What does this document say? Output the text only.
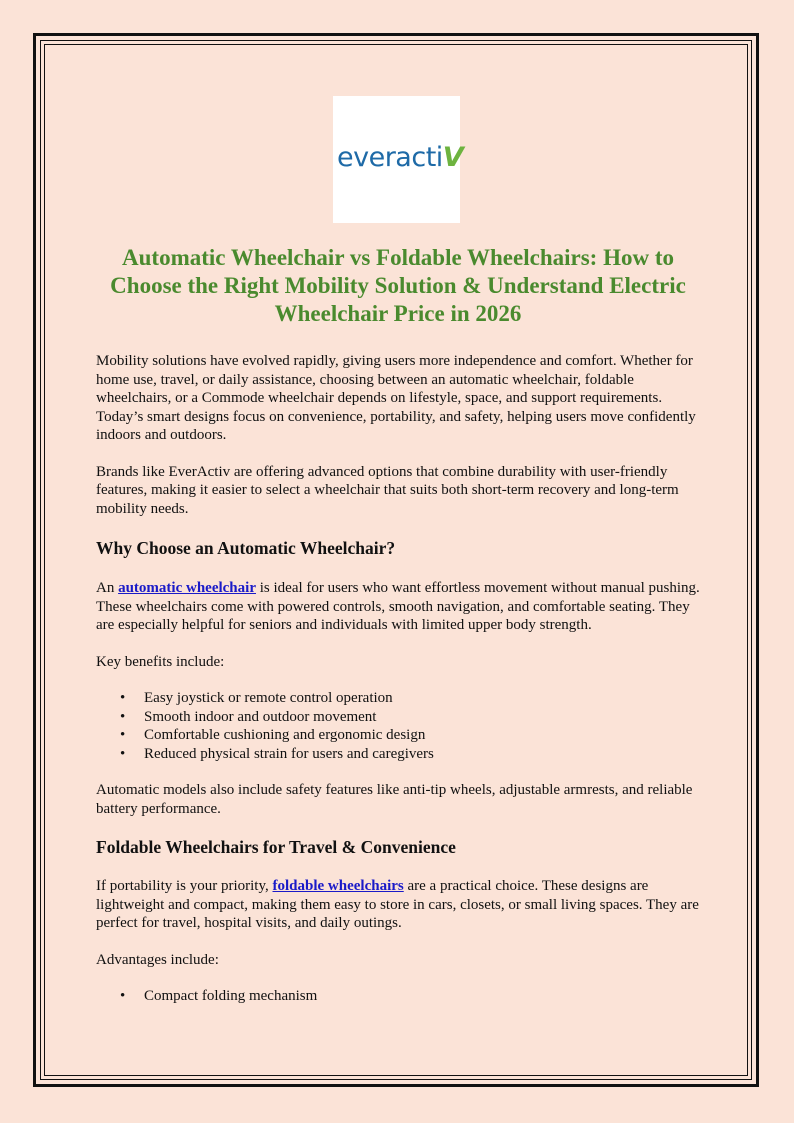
everactiV
Automatic Wheelchair vs Foldable Wheelchairs: How to Choose the Right Mobility Solution & Understand Electric Wheelchair Price in 2026

Mobility solutions have evolved rapidly, giving users more independence and comfort. Whether for home use, travel, or daily assistance, choosing between an automatic wheelchair, foldable wheelchairs, or a Commode wheelchair depends on lifestyle, space, and support requirements. Today’s smart designs focus on convenience, portability, and safety, helping users move confidently indoors and outdoors.

Brands like EverActiv are offering advanced options that combine durability with user-friendly features, making it easier to select a wheelchair that suits both short-term recovery and long-term mobility needs.

Why Choose an Automatic Wheelchair?

An automatic wheelchair is ideal for users who want effortless movement without manual pushing. These wheelchairs come with powered controls, smooth navigation, and comfortable seating. They are especially helpful for seniors and individuals with limited upper body strength.

Key benefits include:

• Easy joystick or remote control operation
• Smooth indoor and outdoor movement
• Comfortable cushioning and ergonomic design
• Reduced physical strain for users and caregivers

Automatic models also include safety features like anti-tip wheels, adjustable armrests, and reliable battery performance.

Foldable Wheelchairs for Travel & Convenience

If portability is your priority, foldable wheelchairs are a practical choice. These designs are lightweight and compact, making them easy to store in cars, closets, or small living spaces. They are perfect for travel, hospital visits, and daily outings.

Advantages include:

• Compact folding mechanism
